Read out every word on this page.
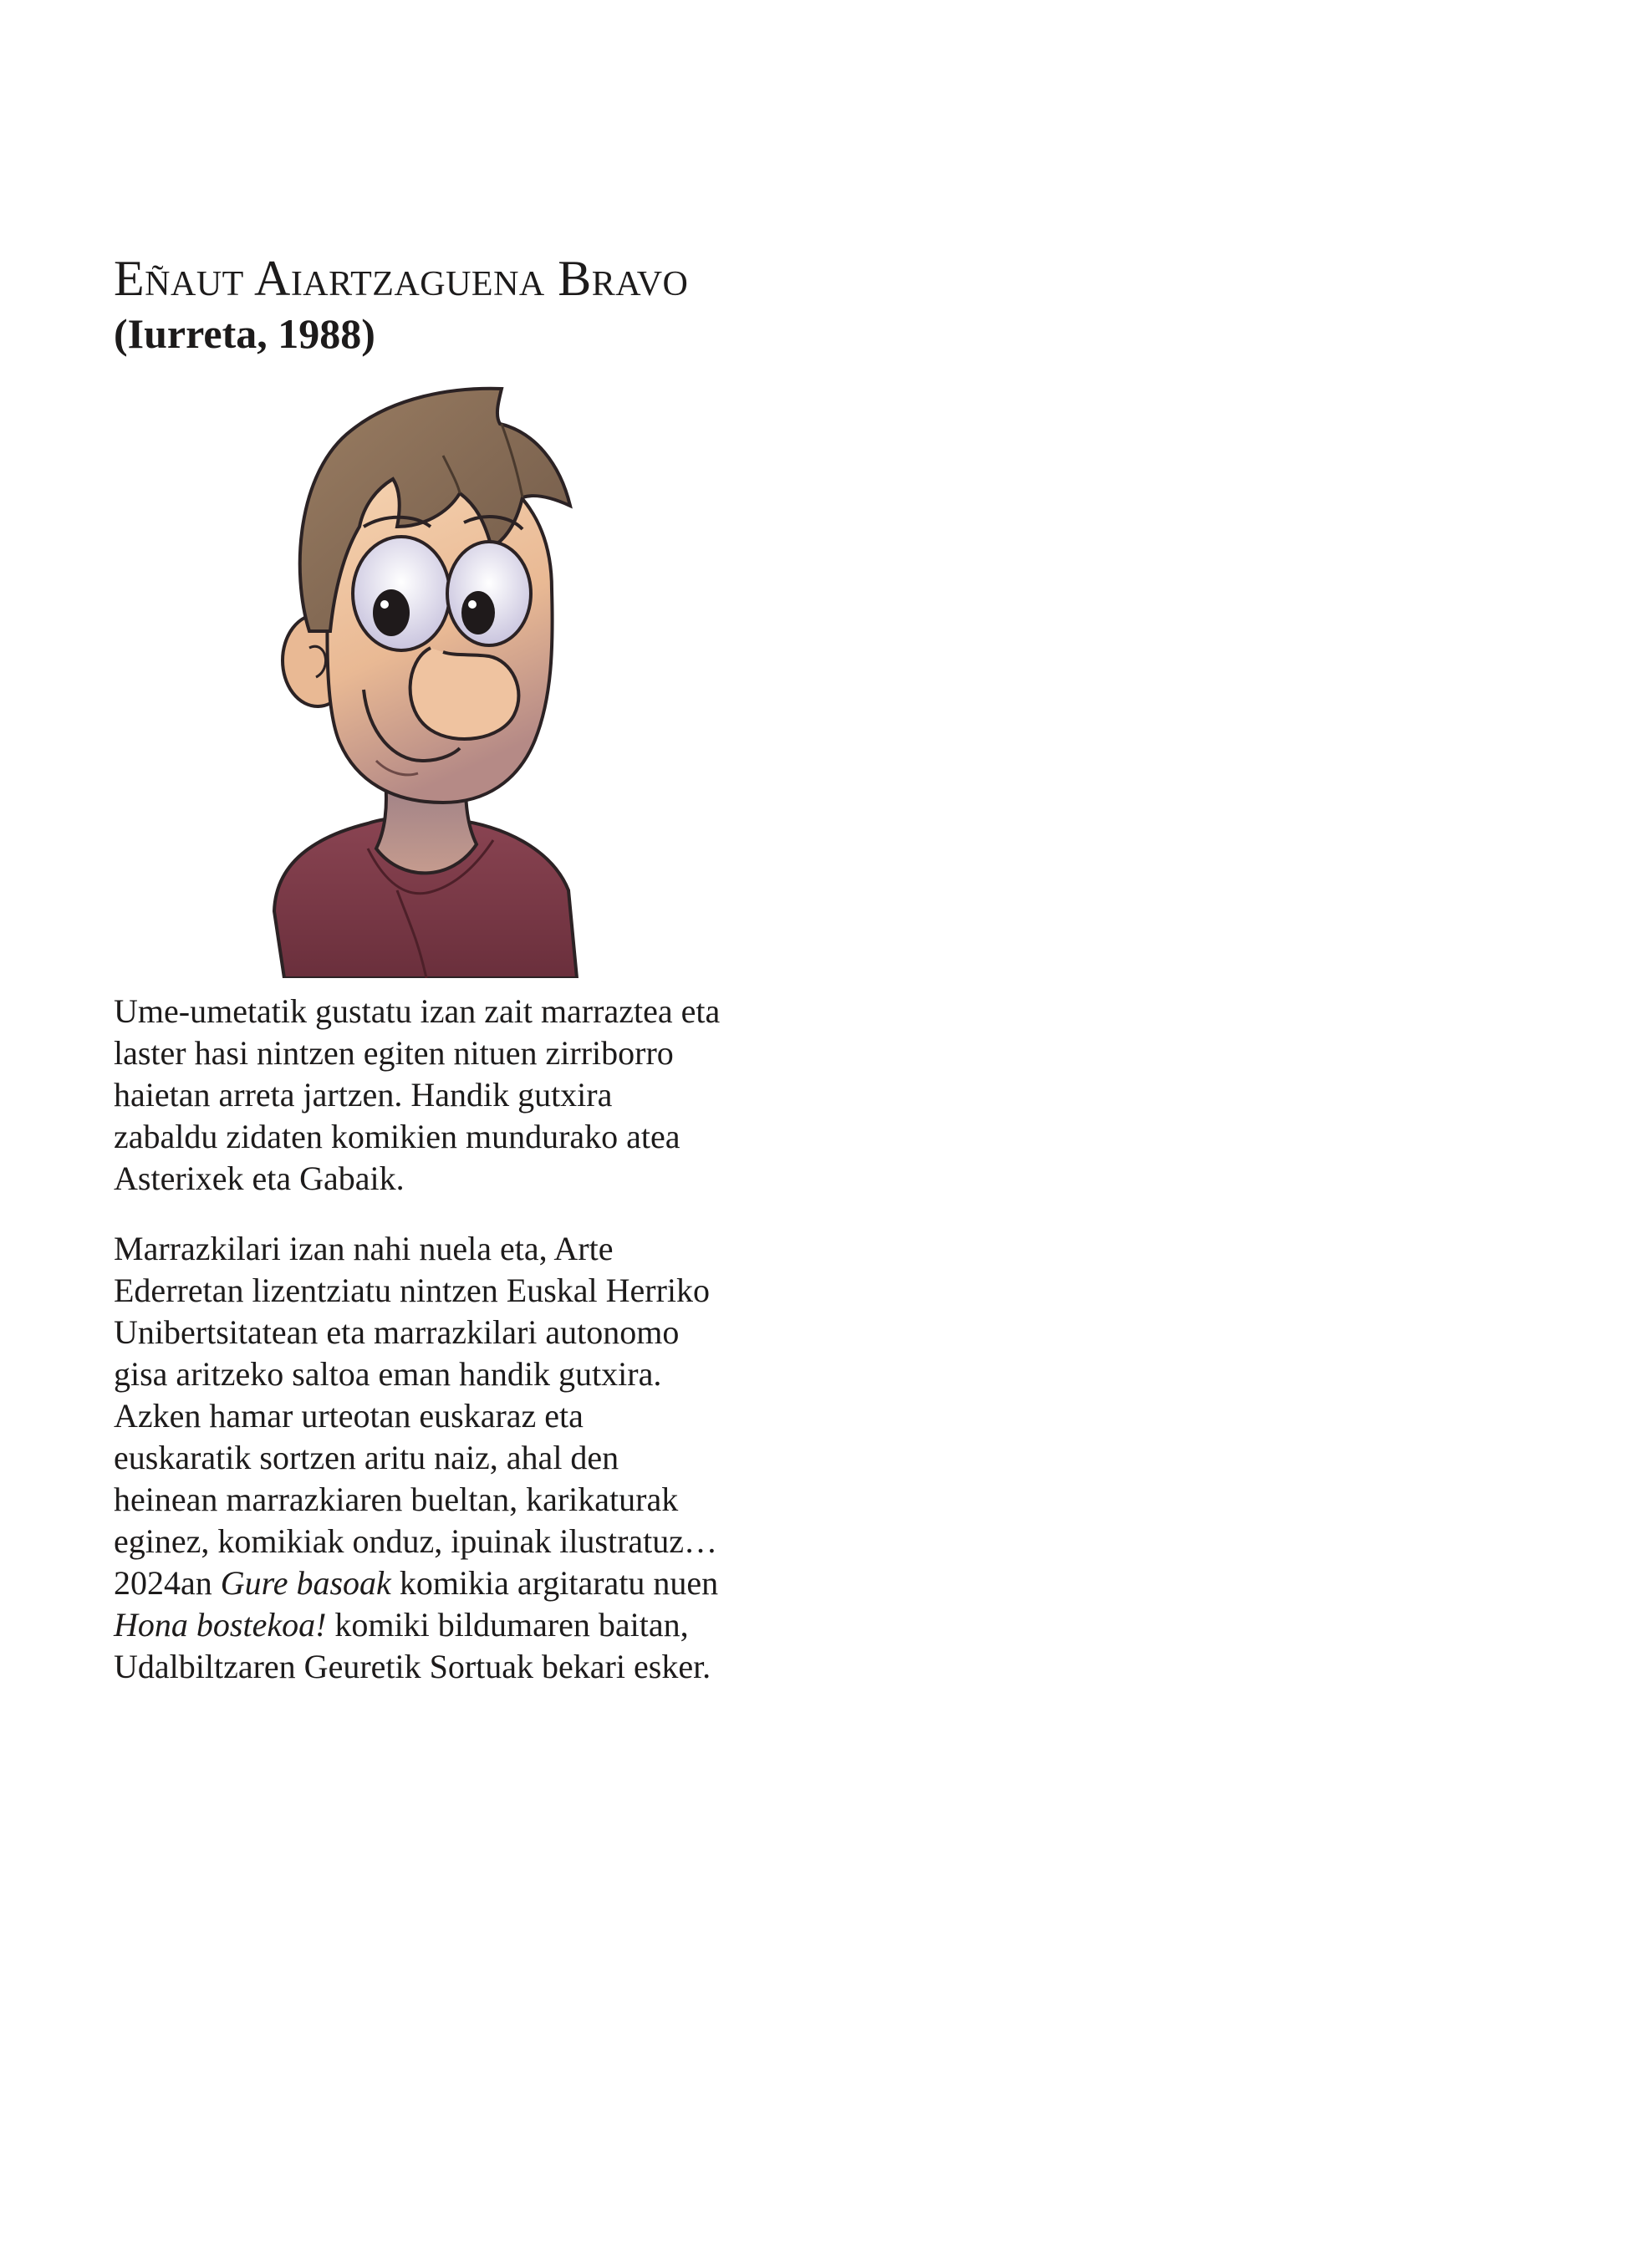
Eñaut Aiartzaguena Bravo
(Iurreta, 1988)

Ume-umetatik gustatu izan zait marraztea eta
laster hasi nintzen egiten nituen zirriborro
haietan arreta jartzen. Handik gutxira
zabaldu zidaten komikien mundurako atea
Asterixek eta Gabaik.

Marrazkilari izan nahi nuela eta, Arte
Ederretan lizentziatu nintzen Euskal Herriko
Unibertsitatean eta marrazkilari autonomo
gisa aritzeko saltoa eman handik gutxira.
Azken hamar urteotan euskaraz eta
euskaratik sortzen aritu naiz, ahal den
heinean marrazkiaren bueltan, karikaturak
eginez, komikiak onduz, ipuinak ilustratuz…
2024an Gure basoak komikia argitaratu nuen
Hona bostekoa! komiki bildumaren baitan,
Udalbiltzaren Geuretik Sortuak bekari esker.
